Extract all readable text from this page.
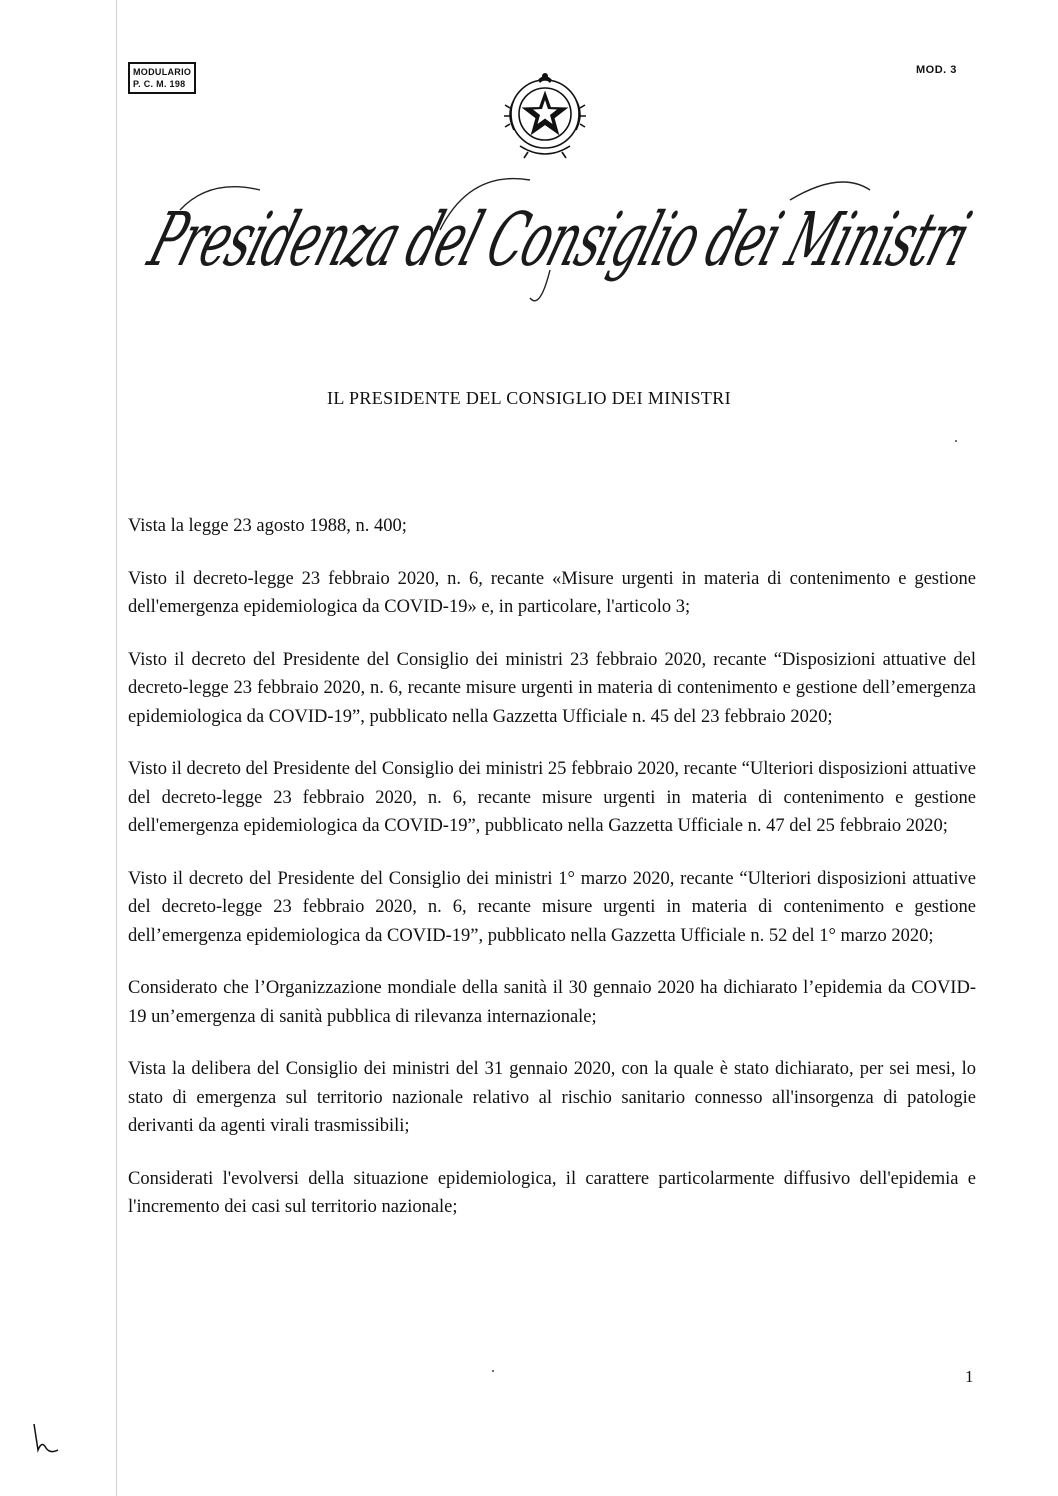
MODULARIO
P. C. M. 198
MOD. 3
Presidenza del Consiglio dei Ministri
IL PRESIDENTE DEL CONSIGLIO DEI MINISTRI

Vista la legge 23 agosto 1988, n. 400;

Visto il decreto-legge 23 febbraio 2020, n. 6, recante «Misure urgenti in materia di contenimento e gestione dell'emergenza epidemiologica da COVID-19» e, in particolare, l'articolo 3;

Visto il decreto del Presidente del Consiglio dei ministri 23 febbraio 2020, recante “Disposizioni attuative del decreto-legge 23 febbraio 2020, n. 6, recante misure urgenti in materia di contenimento e gestione dell’emergenza epidemiologica da COVID-19”, pubblicato nella Gazzetta Ufficiale n. 45 del 23 febbraio 2020;

Visto il decreto del Presidente del Consiglio dei ministri 25 febbraio 2020, recante “Ulteriori disposizioni attuative del decreto-legge 23 febbraio 2020, n. 6, recante misure urgenti in materia di contenimento e gestione dell'emergenza epidemiologica da COVID-19”, pubblicato nella Gazzetta Ufficiale n. 47 del 25 febbraio 2020;

Visto il decreto del Presidente del Consiglio dei ministri 1° marzo 2020, recante “Ulteriori disposizioni attuative del decreto-legge 23 febbraio 2020, n. 6, recante misure urgenti in materia di contenimento e gestione dell’emergenza epidemiologica da COVID-19”, pubblicato nella Gazzetta Ufficiale n. 52 del 1° marzo 2020;

Considerato che l’Organizzazione mondiale della sanità il 30 gennaio 2020 ha dichiarato l’epidemia da COVID-19 un’emergenza di sanità pubblica di rilevanza internazionale;

Vista la delibera del Consiglio dei ministri del 31 gennaio 2020, con la quale è stato dichiarato, per sei mesi, lo stato di emergenza sul territorio nazionale relativo al rischio sanitario connesso all'insorgenza di patologie derivanti da agenti virali trasmissibili;

Considerati l'evolversi della situazione epidemiologica, il carattere particolarmente diffusivo dell'epidemia e l'incremento dei casi sul territorio nazionale;

1
